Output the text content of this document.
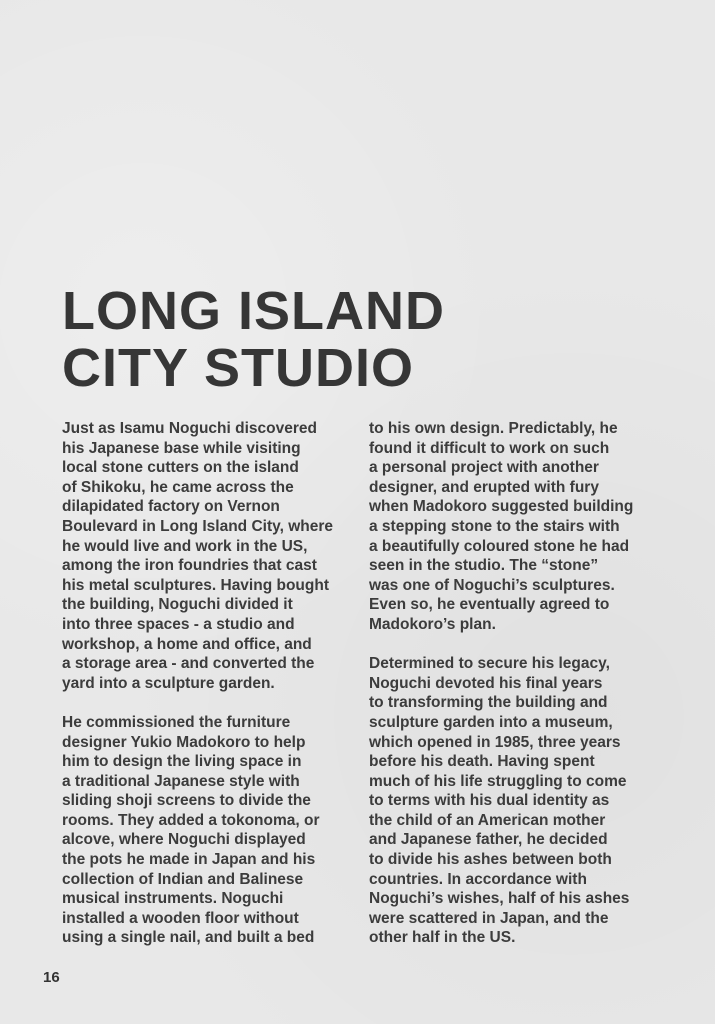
LONG ISLAND
CITY STUDIO

Just as Isamu Noguchi discovered
his Japanese base while visiting
local stone cutters on the island
of Shikoku, he came across the
dilapidated factory on Vernon
Boulevard in Long Island City, where
he would live and work in the US,
among the iron foundries that cast
his metal sculptures. Having bought
the building, Noguchi divided it
into three spaces - a studio and
workshop, a home and office, and
a storage area - and converted the
yard into a sculpture garden.

He commissioned the furniture
designer Yukio Madokoro to help
him to design the living space in
a traditional Japanese style with
sliding shoji screens to divide the
rooms. They added a tokonoma, or
alcove, where Noguchi displayed
the pots he made in Japan and his
collection of Indian and Balinese
musical instruments. Noguchi
installed a wooden floor without
using a single nail, and built a bed

to his own design. Predictably, he
found it difficult to work on such
a personal project with another
designer, and erupted with fury
when Madokoro suggested building
a stepping stone to the stairs with
a beautifully coloured stone he had
seen in the studio. The “stone”
was one of Noguchi’s sculptures.
Even so, he eventually agreed to
Madokoro’s plan.

Determined to secure his legacy,
Noguchi devoted his final years
to transforming the building and
sculpture garden into a museum,
which opened in 1985, three years
before his death. Having spent
much of his life struggling to come
to terms with his dual identity as
the child of an American mother
and Japanese father, he decided
to divide his ashes between both
countries. In accordance with
Noguchi’s wishes, half of his ashes
were scattered in Japan, and the
other half in the US.

16
